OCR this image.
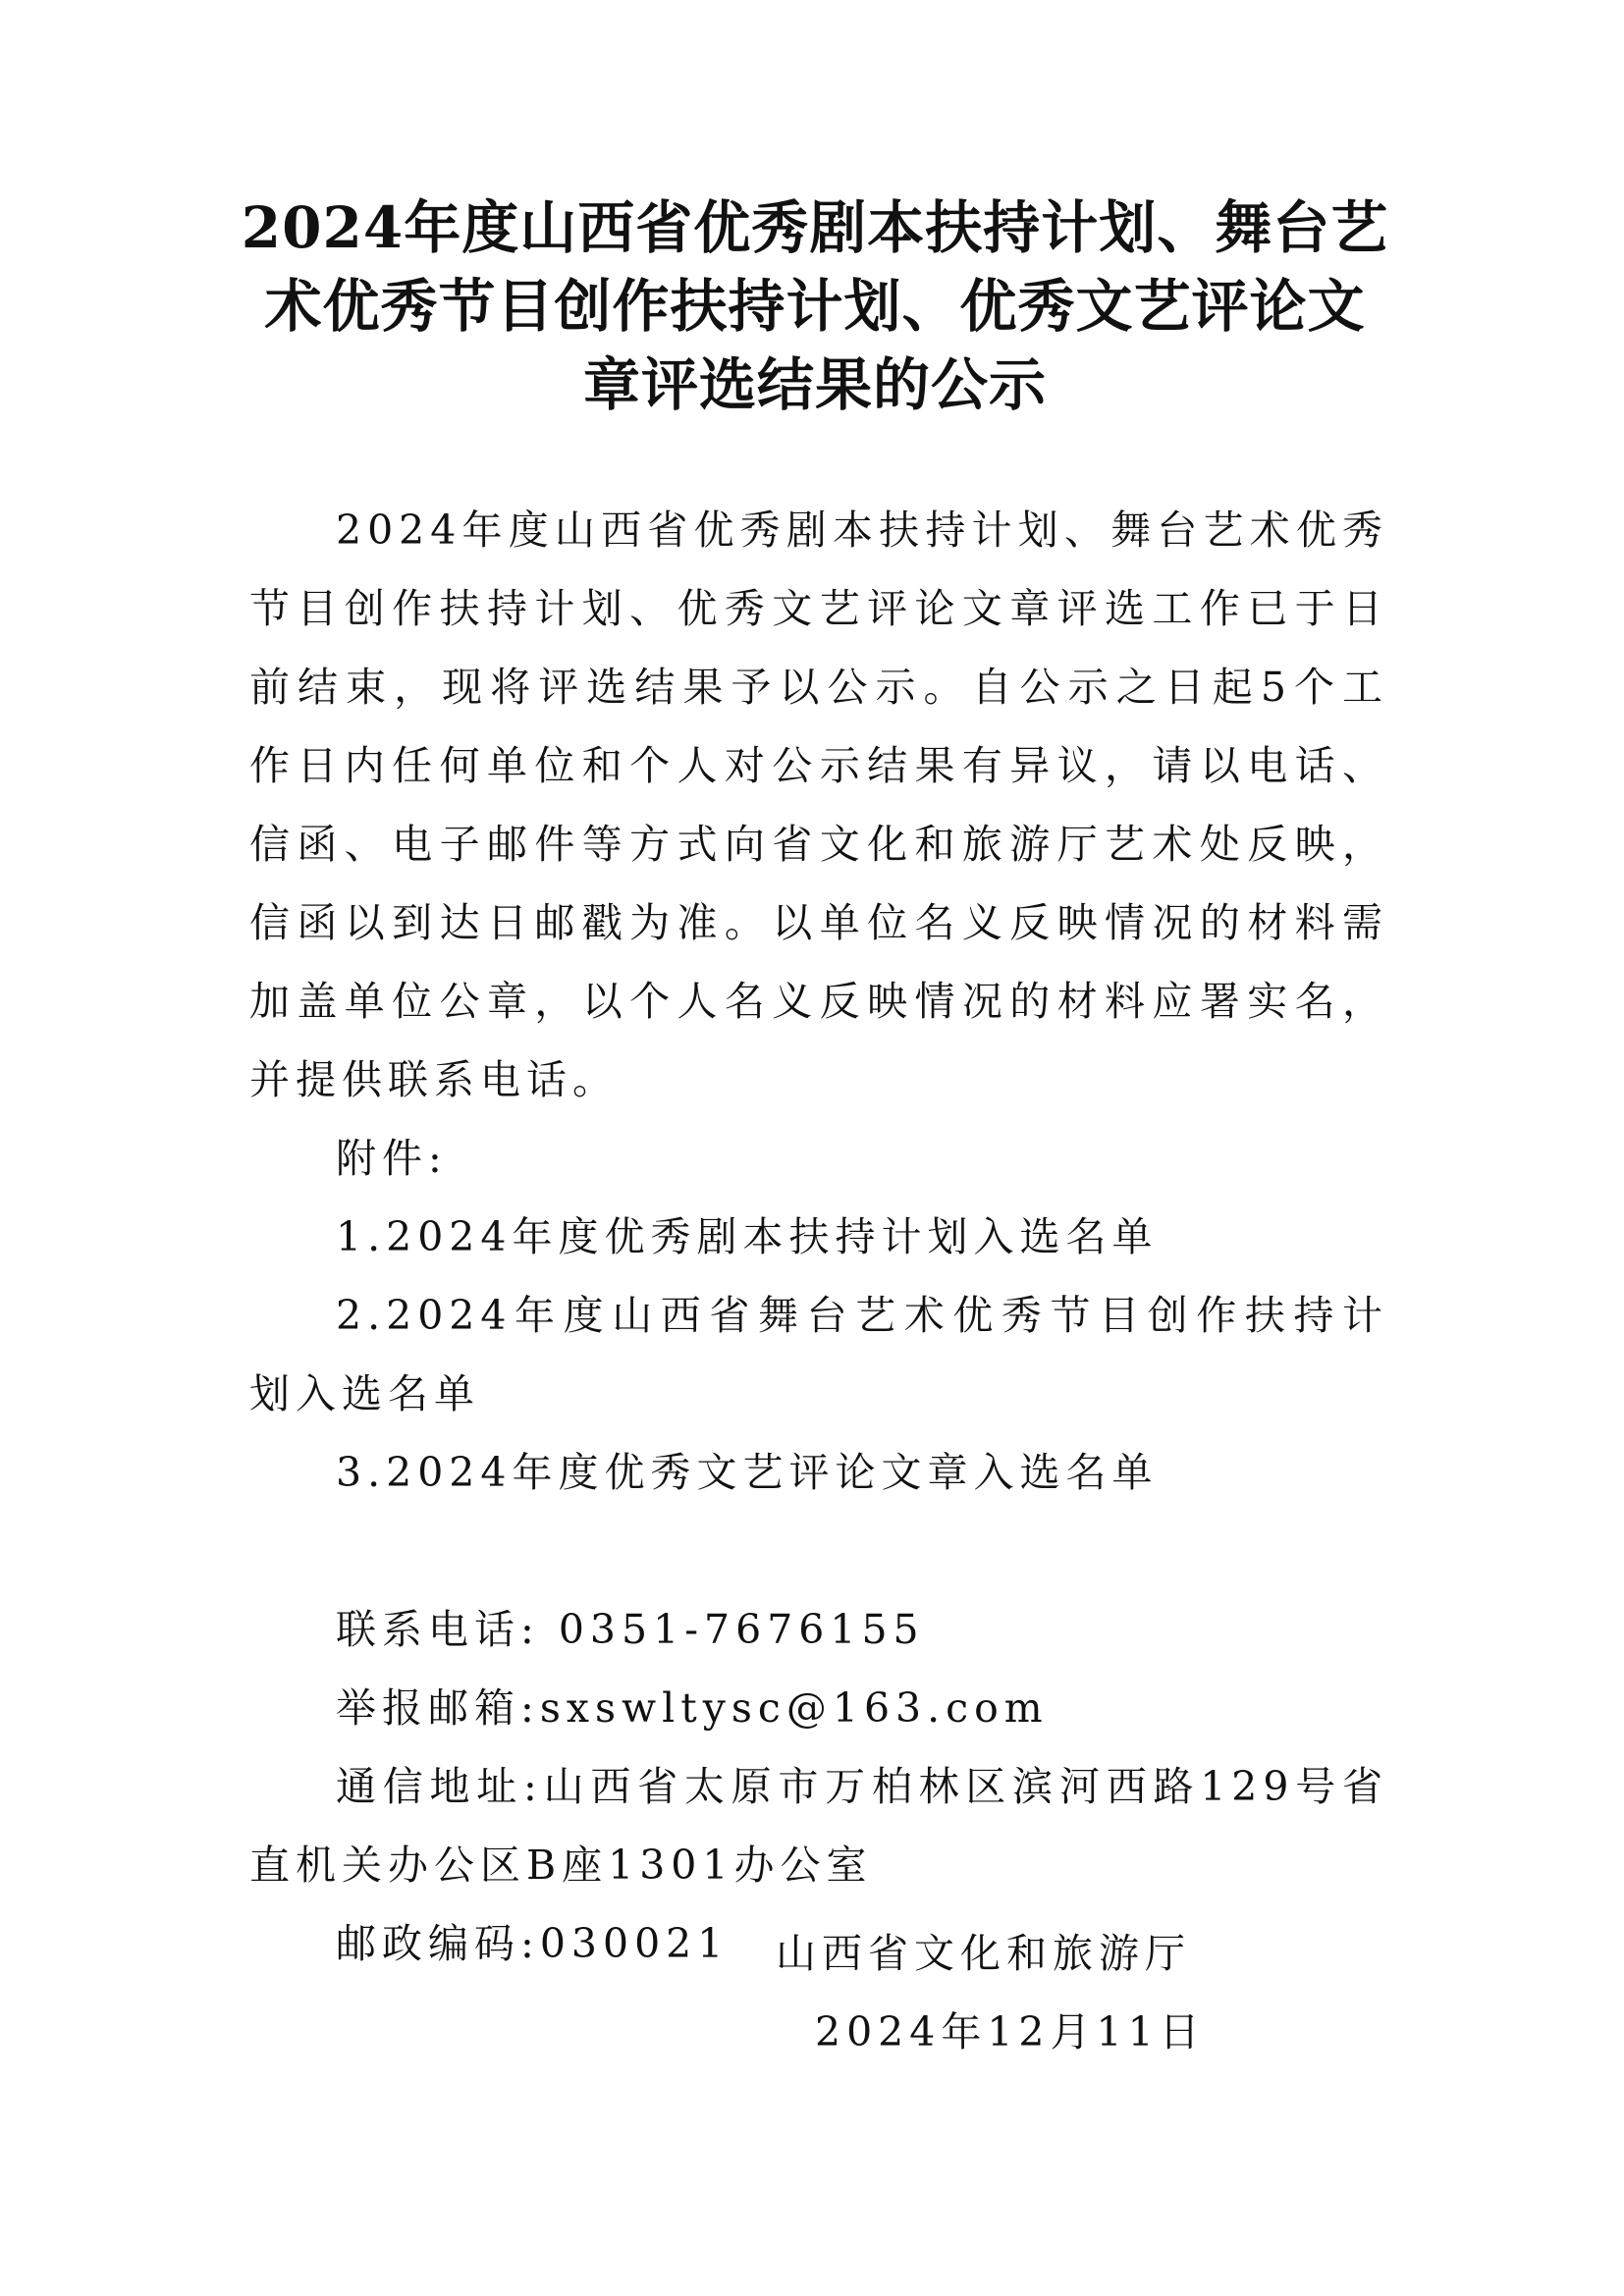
2024年度山西省优秀剧本扶持计划、舞台艺
术优秀节目创作扶持计划、优秀文艺评论文
章评选结果的公示

2024年度山西省优秀剧本扶持计划、舞台艺术优秀节目创作扶持计划、优秀文艺评论文章评选工作已于日前结束，现将评选结果予以公示。自公示之日起5个工作日内任何单位和个人对公示结果有异议，请以电话、信函、电子邮件等方式向省文化和旅游厅艺术处反映，信函以到达日邮戳为准。以单位名义反映情况的材料需加盖单位公章，以个人名义反映情况的材料应署实名，并提供联系电话。

附件:

1.2024年度优秀剧本扶持计划入选名单

2.2024年度山西省舞台艺术优秀节目创作扶持计划入选名单

3.2024年度优秀文艺评论文章入选名单

联系电话: 0351-7676155

举报邮箱:sxswltysc@163.com

通信地址:山西省太原市万柏林区滨河西路129号省直机关办公区B座1301办公室

邮政编码:030021	山西省文化和旅游厅
2024年12月11日
